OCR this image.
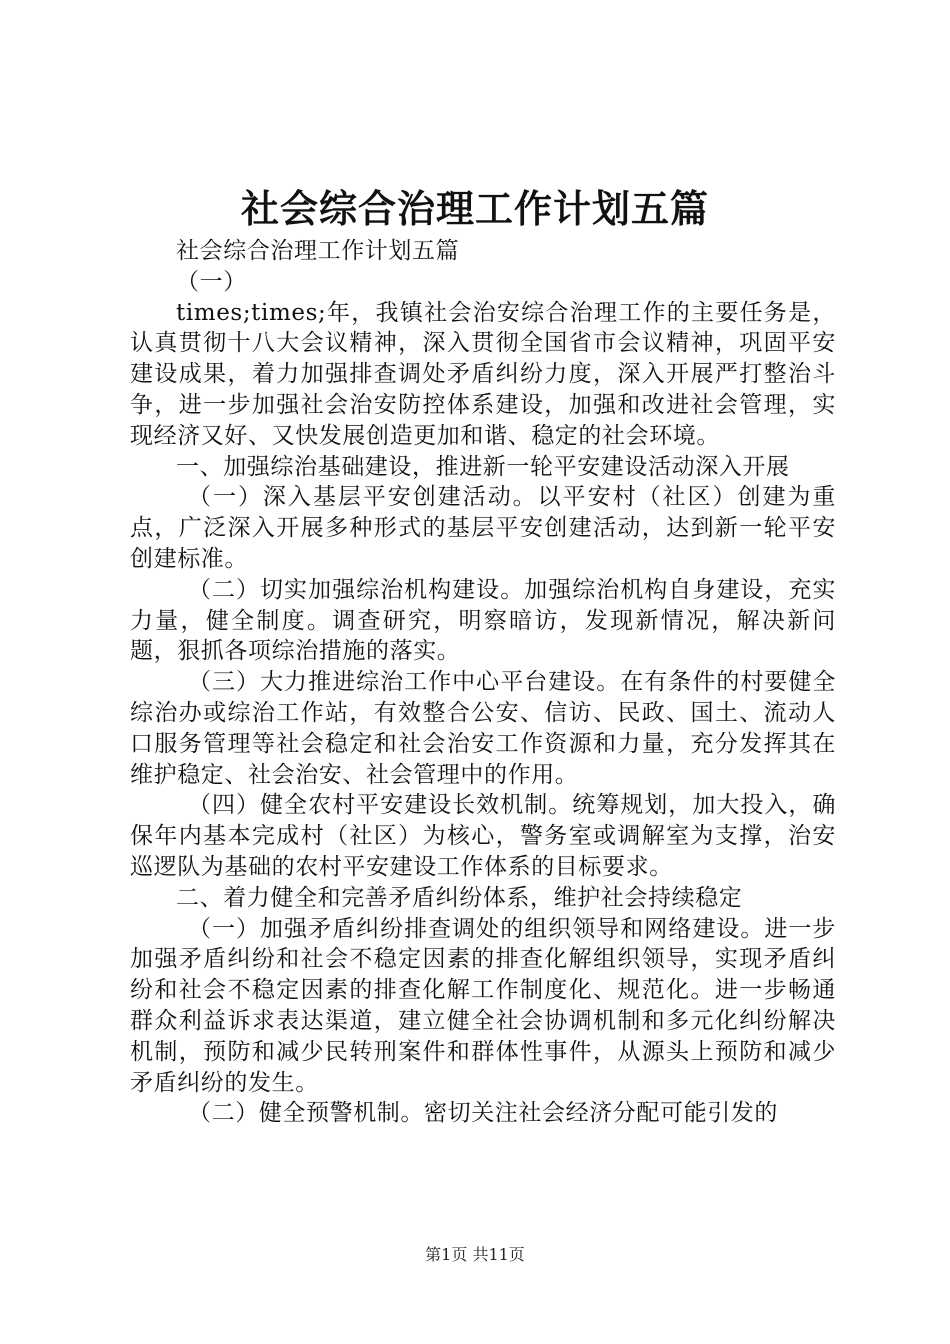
社会综合治理工作计划五篇

社会综合治理工作计划五篇

（一）

times;times;年，我镇社会治安综合治理工作的主要任务是，认真贯彻十八大会议精神，深入贯彻全国省市会议精神，巩固平安建设成果，着力加强排查调处矛盾纠纷力度，深入开展严打整治斗争，进一步加强社会治安防控体系建设，加强和改进社会管理，实现经济又好、又快发展创造更加和谐、稳定的社会环境。

一、加强综治基础建设，推进新一轮平安建设活动深入开展

（一）深入基层平安创建活动。以平安村（社区）创建为重点，广泛深入开展多种形式的基层平安创建活动，达到新一轮平安创建标准。

（二）切实加强综治机构建设。加强综治机构自身建设，充实力量，健全制度。调查研究，明察暗访，发现新情况，解决新问题，狠抓各项综治措施的落实。

（三）大力推进综治工作中心平台建设。在有条件的村要健全综治办或综治工作站，有效整合公安、信访、民政、国土、流动人口服务管理等社会稳定和社会治安工作资源和力量，充分发挥其在维护稳定、社会治安、社会管理中的作用。

（四）健全农村平安建设长效机制。统筹规划，加大投入，确保年内基本完成村（社区）为核心，警务室或调解室为支撑，治安巡逻队为基础的农村平安建设工作体系的目标要求。

二、着力健全和完善矛盾纠纷体系，维护社会持续稳定

（一）加强矛盾纠纷排查调处的组织领导和网络建设。进一步加强矛盾纠纷和社会不稳定因素的排查化解组织领导，实现矛盾纠纷和社会不稳定因素的排查化解工作制度化、规范化。进一步畅通群众利益诉求表达渠道，建立健全社会协调机制和多元化纠纷解决机制，预防和减少民转刑案件和群体性事件，从源头上预防和减少矛盾纠纷的发生。

（二）健全预警机制。密切关注社会经济分配可能引发的

第1页 共11页
